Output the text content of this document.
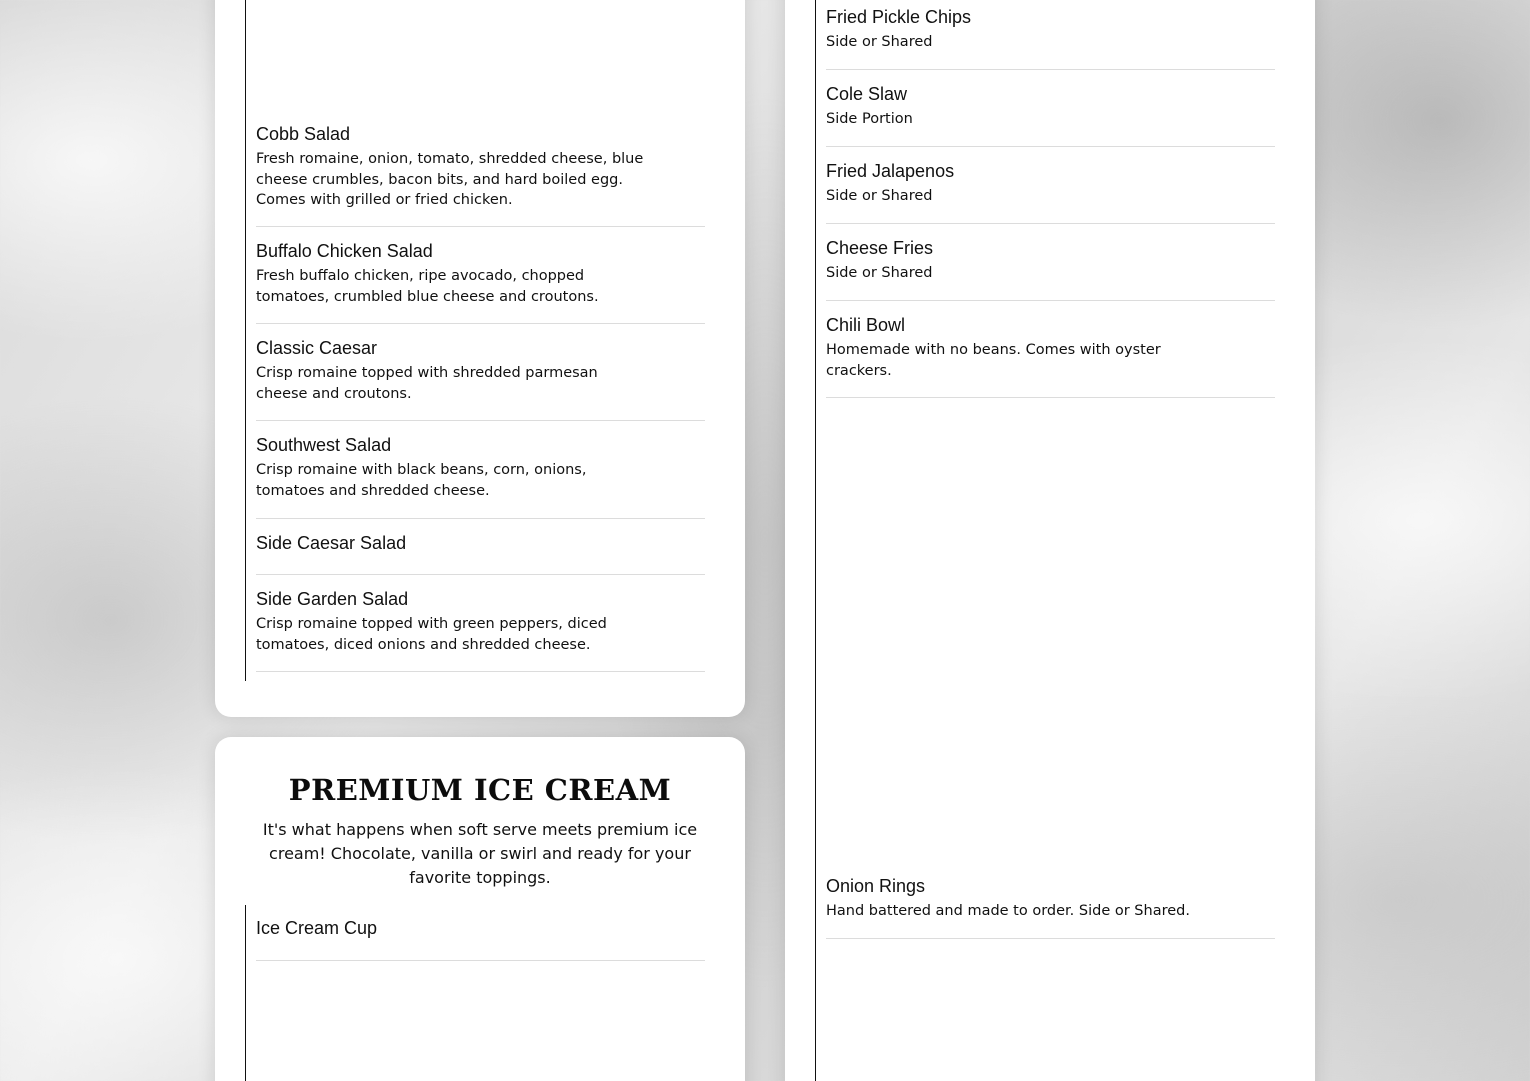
Cobb Salad

Fresh romaine, onion, tomato, shredded cheese, blue cheese crumbles, bacon bits, and hard boiled egg. Comes with grilled or fried chicken.

Buffalo Chicken Salad

Fresh buffalo chicken, ripe avocado, chopped tomatoes, crumbled blue cheese and croutons.

Classic Caesar

Crisp romaine topped with shredded parmesan cheese and croutons.

Southwest Salad

Crisp romaine with black beans, corn, onions, tomatoes and shredded cheese.

Side Caesar Salad

Side Garden Salad

Crisp romaine topped with green peppers, diced tomatoes, diced onions and shredded cheese.

PREMIUM ICE CREAM

It's what happens when soft serve meets premium ice cream! Chocolate, vanilla or swirl and ready for your favorite toppings.

Ice Cream Cup

Fried Pickle Chips

Side or Shared

Cole Slaw

Side Portion

Fried Jalapenos

Side or Shared

Cheese Fries

Side or Shared

Chili Bowl

Homemade with no beans. Comes with oyster crackers.

Onion Rings

Hand battered and made to order. Side or Shared.
